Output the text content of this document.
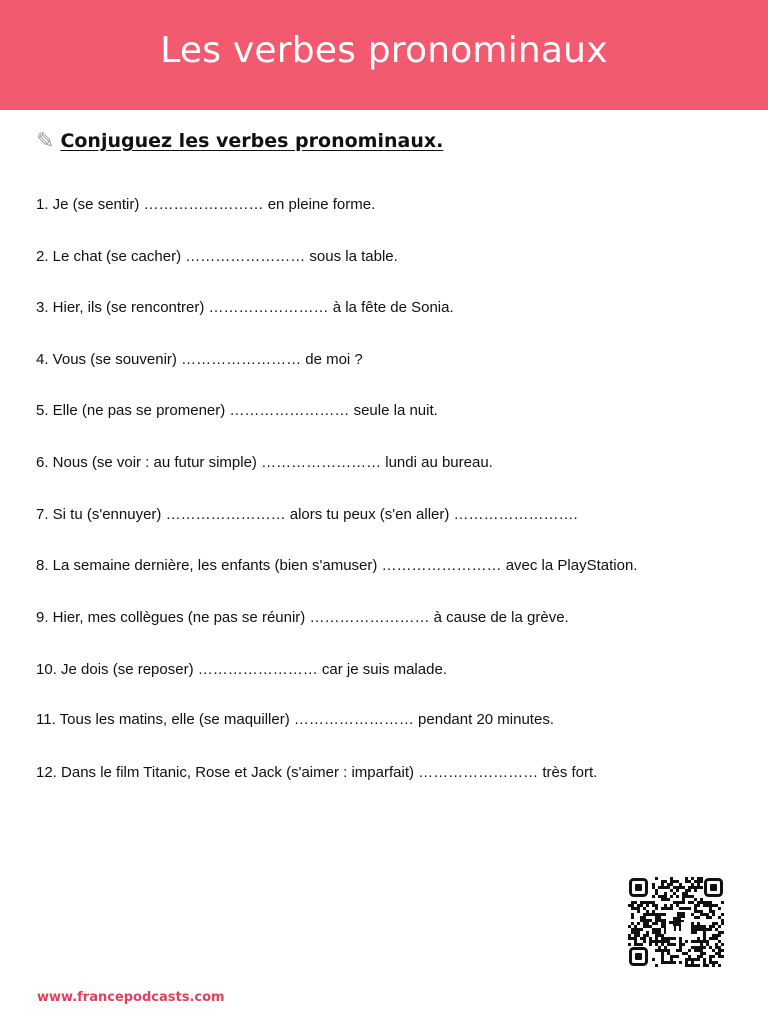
Les verbes pronominaux
✎ Conjuguez les verbes pronominaux.
1. Je (se sentir) …………………… en pleine forme.
2. Le chat (se cacher) …………………… sous la table.
3. Hier, ils (se rencontrer) …………………… à la fête de Sonia.
4. Vous (se souvenir) …………………… de moi ?
5. Elle (ne pas se promener) …………………… seule la nuit.
6. Nous (se voir : au futur simple) …………………… lundi au bureau.
7. Si tu (s'ennuyer) …………………… alors tu peux (s'en aller) …………………….
8. La semaine dernière, les enfants (bien s'amuser) …………………… avec la PlayStation.
9. Hier, mes collègues (ne pas se réunir) …………………… à cause de la grève.
10. Je dois (se reposer) …………………… car je suis malade.
11. Tous les matins, elle (se maquiller) …………………… pendant 20 minutes.
12. Dans le film Titanic, Rose et Jack (s'aimer : imparfait) …………………… très fort.
www.francepodcasts.com
